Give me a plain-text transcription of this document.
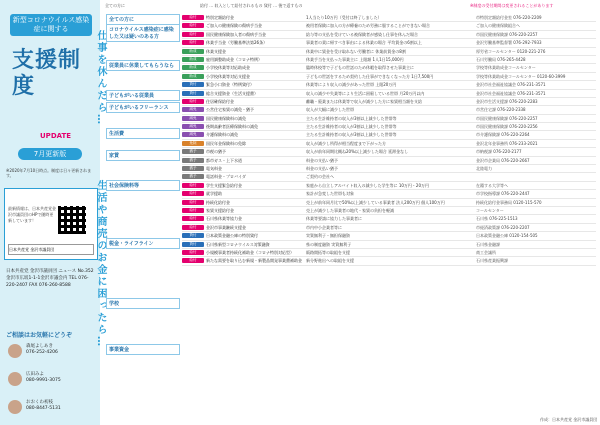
新型コロナウイルス感染症に関する
支援制度
UPDATE
7月更新版
※2020年7月10日時点。制度は日々更新されます。
最新情報は、日本共産党金沢市議員団のHPで随時更新しています！
日本共産党 金沢市議員団
日本共産党 金沢市議員団 ニュース No.352 金沢市広坂1-1-1金沢市議会内 TEL 076-220-2407 FAX 076-260-8588
ご相談はお気軽にどうぞ
森尾よしあき
076-252-4206
広田みよ
080-9991-3075
おおくわ初枝
080-8447-5131
全ての方に	給付 … 収入として給付されるもの 貸付 … 後で返すもの	※制度の受付期間は変更されることがあります
仕事を休んだら…
生活や商売のお金に困ったら…
全ての方に
コロナウイルス感染症に感染した又は疑いのある方
従業員に休業してもらうなら
子どもがいる従業員
子どもがいるフリーランス
生活費
家賃
社会保険料等
税金・ライフライン
学校
事業資金
給付	特別定額給付金	1人当たり10万円（受付は終了しました）	市特別定額給付金室 076-220-2209
給付	ご加入の健康保険の傷病手当金	被用者保険に加入の方が療養のため労務に服することができない場合	ご加入の健康保険組合へ
給付	国民健康保険加入者の傷病手当金	給与等の支払を受けている被保険者が感染し仕事を休んだ場合	市国民健康保険課 076-220-2257
給付	休業手当金（労働基準法第26条）	事業者の責に帰すべき事由による休業の場合 平均賃金の6割以上	金沢労働基準監督署 076-292-7933
助成	休業支援金	休業中に賃金を受け取れない労働者に 休業前賃金の8割	厚労省コールセンター 0120-221-276
助成	雇用調整助成金（コロナ特例）	休業手当を支払った事業主に 上限額 1人1日15,000円	石川労働局 076-265-4428
助成	小学校休業等対応助成金	臨時休校等で子どもの世話のため休暇を取得させた事業主に	学校等休業助成金コールセンター
助成	小学校休業等対応支援金	子どもの世話をするため契約した仕事ができなくなった方 1日7,500円	学校等休業助成金コールセンター 0120-60-3999
貸付	緊急小口資金（特例貸付）	休業等により収入の減少があった世帯 上限20万円	金沢市社会福祉協議会 076-231-3571
貸付	総合支援資金（生活支援費）	収入の減少や失業等により生活に困窮している世帯 月20万円以内	金沢市社会福祉協議会 076-231-3571
給付	住居確保給付金	離職・廃業または休業等で収入が減少した方に家賃相当額を支給	金沢市生活支援課 076-220-2283
減免	公営住宅家賃の減免・猶予	収入が大幅に減少した世帯	市営住宅課 076-220-2338
減免	国民健康保険料の減免	主たる生計維持者の収入が3割以上減少した世帯等	市国民健康保険課 076-220-2257
減免	後期高齢者医療保険料の減免	主たる生計維持者の収入が3割以上減少した世帯等	市国民健康保険課 076-220-2256
減免	介護保険料の減免	主たる生計維持者の収入が3割以上減少した世帯等	市介護保険課 076-220-2264
免除	国民年金保険料の免除	収入が減少し所得が相当程度まで下がった方	金沢北年金事務所 076-233-2021
猶予	市税の猶予	収入が前年同期比概ね20%以上減少した場合 延滞金なし	市納税課 076-220-2177
猶予	都市ガス・上下水道	料金の支払い猶予	金沢市企業局 076-220-2667
猶予	電気料金	料金の支払い猶予	北陸電力
猶予	電話料金・プロバイダ	ご契約の会社へ
給付	学生支援緊急給付金	家庭から自立しアルバイト収入の減少した学生等に 10万円・20万円	在籍する大学等へ
給付	就学援助	家計が急変した世帯も対象	市学校指導課 076-220-2447
給付	持続化給付金	売上が前年同月比で50%以上減少している事業者 法人200万円 個人100万円	持続化給付金事務局 0120-115-570
給付	家賃支援給付金	売上が減少した事業者の地代・家賃の負担を軽減	コールセンター
給付	石川県休業等協力金	休業等要請に協力した事業者に	石川県 076-225-1513
給付	金沢市事業継続支援金	市内中小企業者等に	市経済政策課 076-220-2207
貸付	日本政策金融公庫の特別貸付	実質無利子・無担保融資	日本政策金融公庫 0120-154-505
貸付	石川県新型コロナウイルス対策融資	県の制度融資 実質無利子	石川県金融課
給付	小規模事業者持続化補助金（コロナ特別対応型）	販路開拓等の取組を支援	商工会議所
給付	新たな需要を取り込む新規・新製品開発事業費補助金 新分野進出への取組を支援	石川県産業振興課
作成：日本共産党 金沢市議員団
